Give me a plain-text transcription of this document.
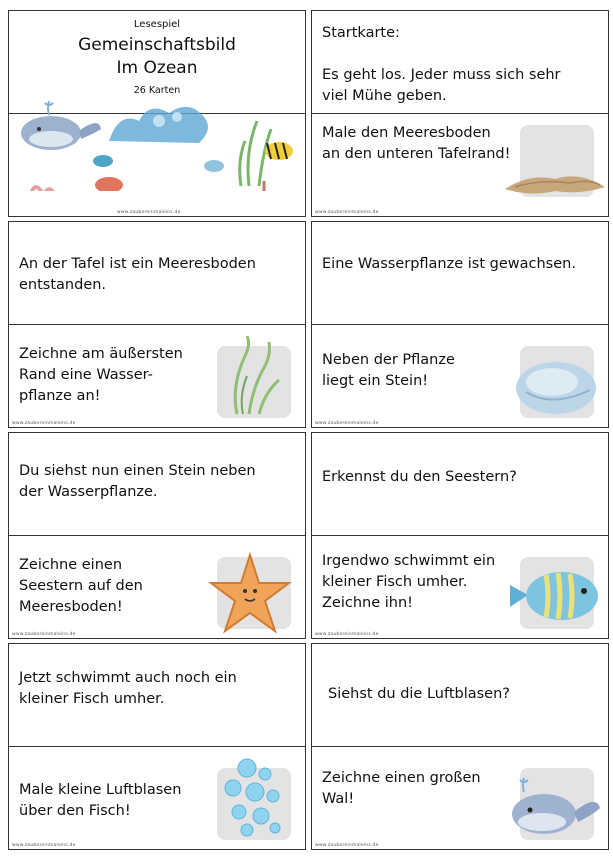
Lesespiel
Gemeinschaftsbild
Im Ozean
26 Karten
www.zaubereinmaleins.de
Startkarte:
Es geht los. Jeder muss sich sehr viel Mühe geben.
Male den Meeresboden an den unteren Tafelrand!
www.zaubereinmaleins.de
An der Tafel ist ein Meeresboden entstanden.
Zeichne am äußersten Rand eine Wasser-pflanze an!
www.zaubereinmaleins.de
Eine Wasserpflanze ist gewachsen.
Neben der Pflanze liegt ein Stein!
www.zaubereinmaleins.de
Du siehst nun einen Stein neben der Wasserpflanze.
Zeichne einen Seestern auf den Meeresboden!
www.zaubereinmaleins.de
Erkennst du den Seestern?
Irgendwo schwimmt ein kleiner Fisch umher. Zeichne ihn!
www.zaubereinmaleins.de
Jetzt schwimmt auch noch ein kleiner Fisch umher.
Male kleine Luftblasen über den Fisch!
www.zaubereinmaleins.de
Siehst du die Luftblasen?
Zeichne einen großen Wal!
www.zaubereinmaleins.de
